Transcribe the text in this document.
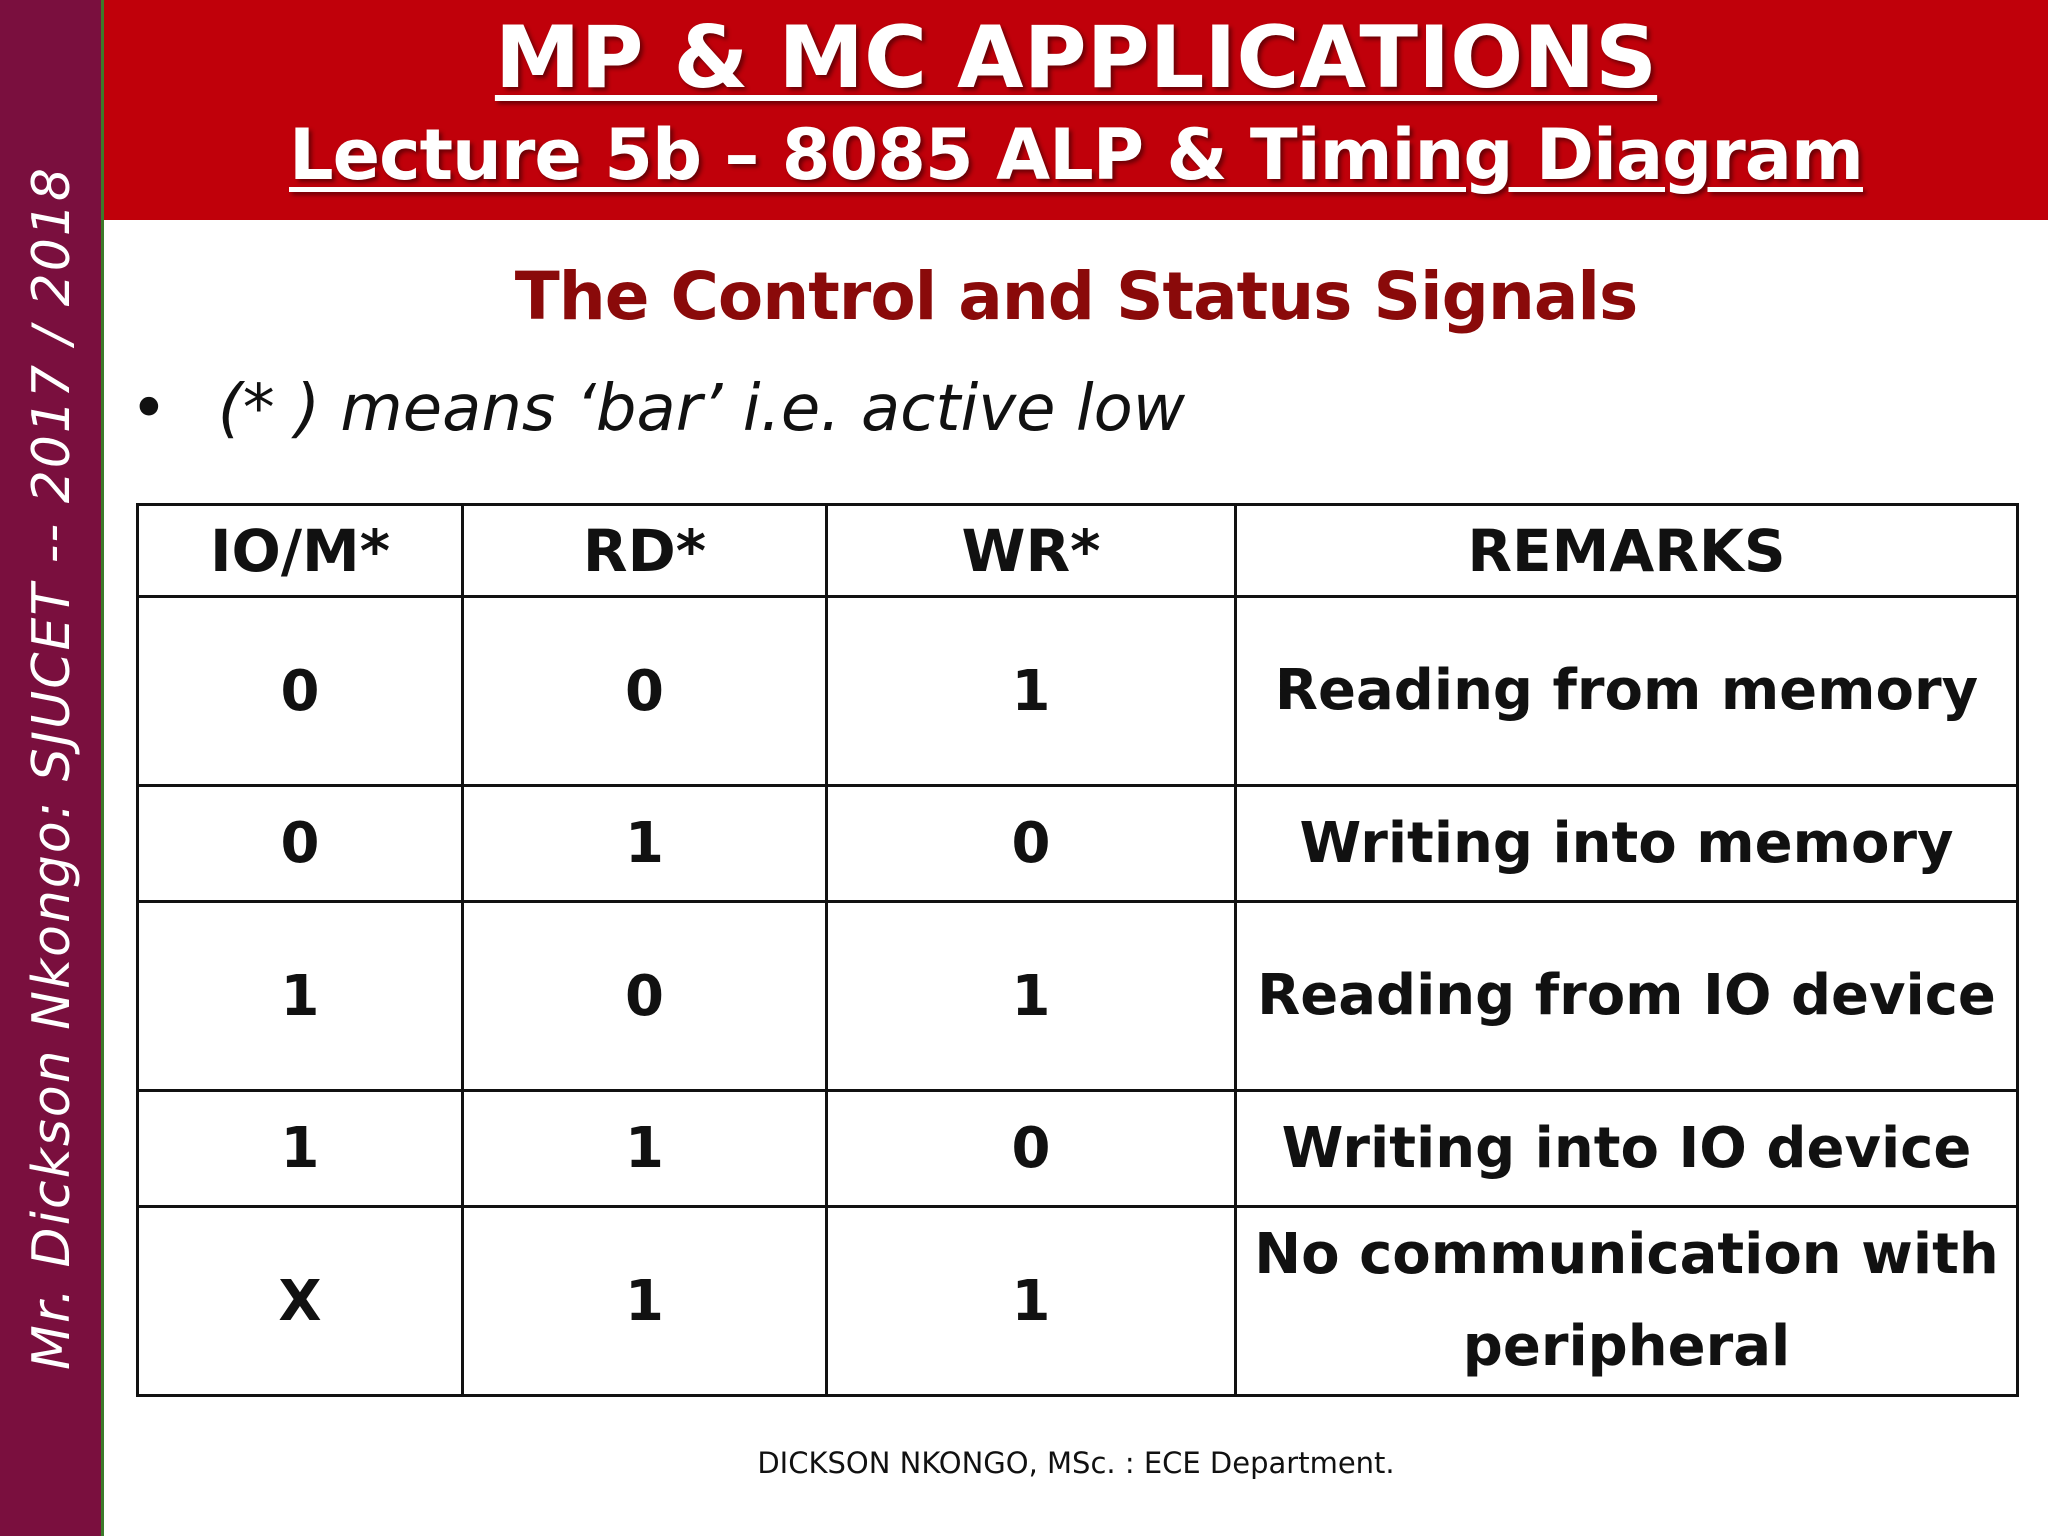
Mr. Dickson Nkongo: SJUCET -- 2017 / 2018
MP & MC APPLICATIONS
Lecture 5b – 8085 ALP & Timing Diagram
The Control and Status Signals
• (* ) means ‘bar’ i.e. active low
IO/M*	RD*	WR*	REMARKS
0	0	1	Reading from memory
0	1	0	Writing into memory
1	0	1	Reading from IO device
1	1	0	Writing into IO device
X	1	1	No communication with peripheral
DICKSON NKONGO, MSc. : ECE Department.
